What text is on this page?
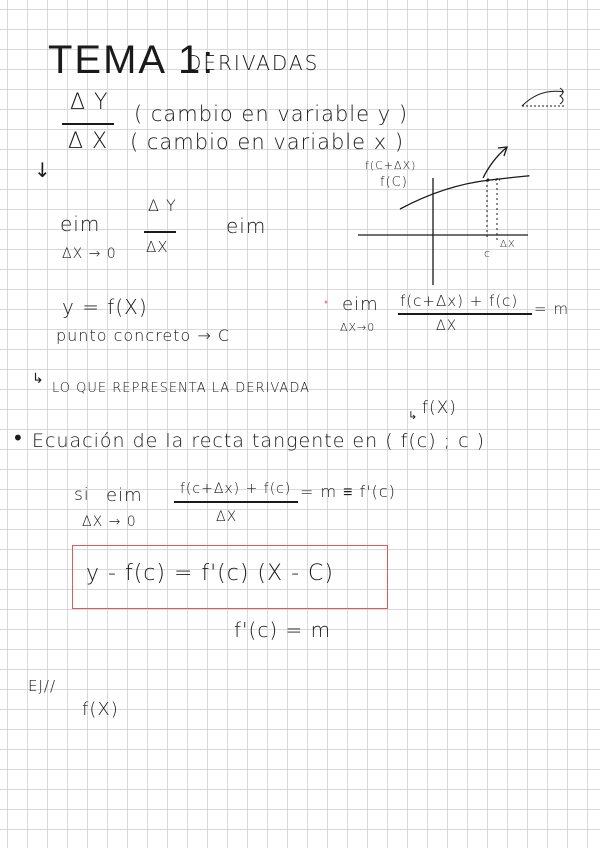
TEMA 1:
DERIVADAS
Δ Y
Δ X
( cambio en variable y )
( cambio en variable x )
↓
eim
ΔX → 0
Δ Y
ΔX
eim
f(C+ΔX)
f(C)
c
ΔX
y = f(X)
punto concreto → C
eim
ΔX→0
f(c+Δx) + f(c)
ΔX
= m
↳
LO QUE REPRESENTA LA DERIVADA
• Ecuación de la recta tangente en ( f(c) ; c )
↳ f(X)
si eim
ΔX → 0
f(c+Δx) + f(c)
ΔX
= m ≡ f'(c)
y - f(c) = f'(c) (X - C)
f'(c) = m
EJ//
f(X)
